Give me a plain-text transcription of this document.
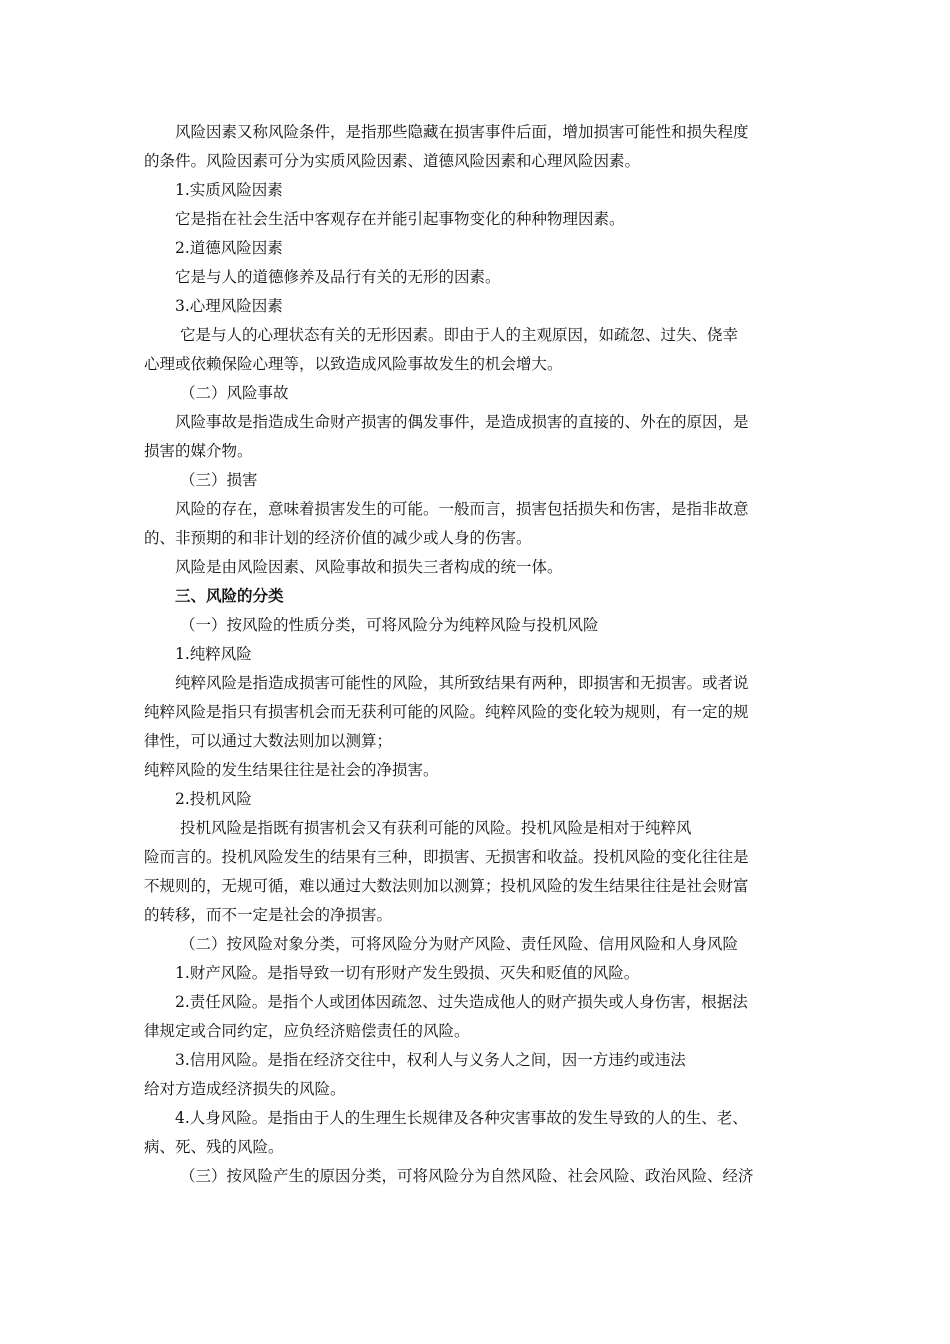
风险因素又称风险条件，是指那些隐藏在损害事件后面，增加损害可能性和损失程度

的条件。风险因素可分为实质风险因素、道德风险因素和心理风险因素。

1.实质风险因素

它是指在社会生活中客观存在并能引起事物变化的种种物理因素。

2.道德风险因素

它是与人的道德修养及品行有关的无形的因素。

3.心理风险因素

它是与人的心理状态有关的无形因素。即由于人的主观原因，如疏忽、过失、侥幸

心理或依赖保险心理等，以致造成风险事故发生的机会增大。

（二）风险事故

风险事故是指造成生命财产损害的偶发事件，是造成损害的直接的、外在的原因，是

损害的媒介物。

（三）损害

风险的存在，意味着损害发生的可能。一般而言，损害包括损失和伤害，是指非故意

的、非预期的和非计划的经济价值的减少或人身的伤害。

风险是由风险因素、风险事故和损失三者构成的统一体。

三、风险的分类

（一）按风险的性质分类，可将风险分为纯粹风险与投机风险

1.纯粹风险

纯粹风险是指造成损害可能性的风险，其所致结果有两种，即损害和无损害。或者说

纯粹风险是指只有损害机会而无获利可能的风险。纯粹风险的变化较为规则，有一定的规

律性，可以通过大数法则加以测算；

纯粹风险的发生结果往往是社会的净损害。

2.投机风险

投机风险是指既有损害机会又有获利可能的风险。投机风险是相对于纯粹风

险而言的。投机风险发生的结果有三种，即损害、无损害和收益。投机风险的变化往往是

不规则的，无规可循，难以通过大数法则加以测算；投机风险的发生结果往往是社会财富

的转移，而不一定是社会的净损害。

（二）按风险对象分类，可将风险分为财产风险、责任风险、信用风险和人身风险

1.财产风险。是指导致一切有形财产发生毁损、灭失和贬值的风险。

2.责任风险。是指个人或团体因疏忽、过失造成他人的财产损失或人身伤害，根据法

律规定或合同约定，应负经济赔偿责任的风险。

3.信用风险。是指在经济交往中，权利人与义务人之间，因一方违约或违法

给对方造成经济损失的风险。

4.人身风险。是指由于人的生理生长规律及各种灾害事故的发生导致的人的生、老、

病、死、残的风险。

（三）按风险产生的原因分类，可将风险分为自然风险、社会风险、政治风险、经济
